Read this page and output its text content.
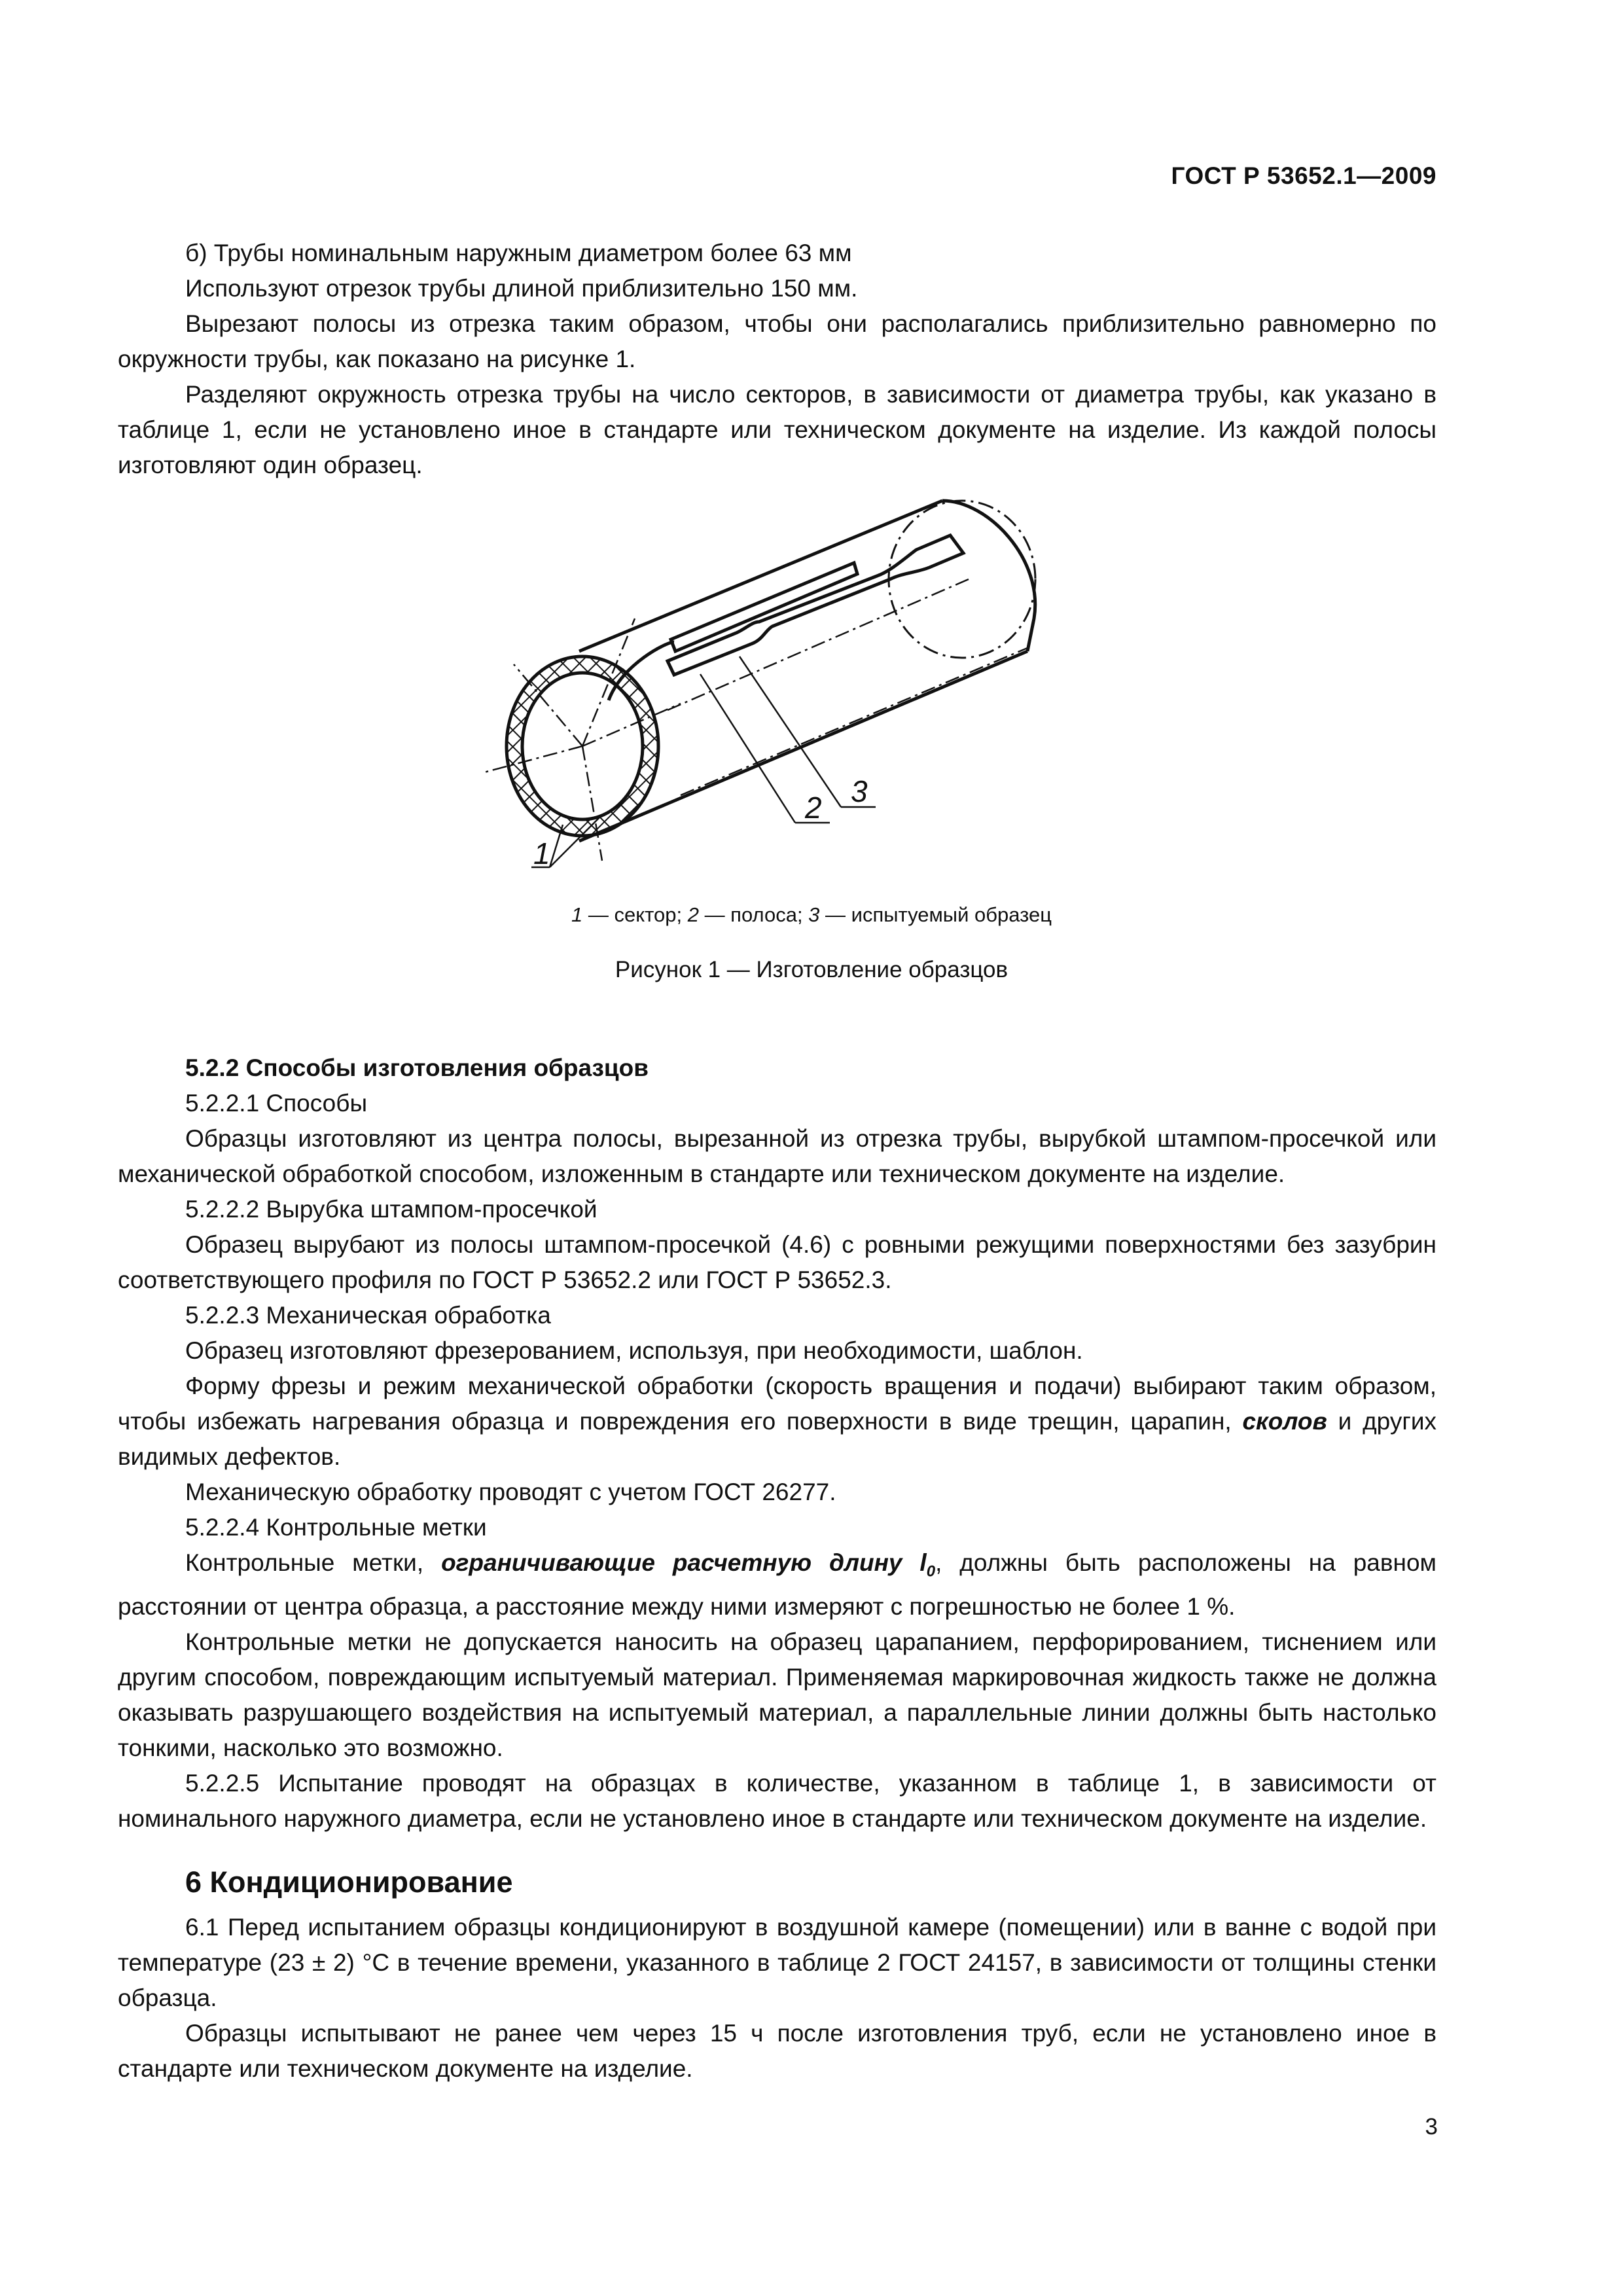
ГОСТ Р 53652.1—2009

б) Трубы номинальным наружным диаметром более 63 мм

Используют отрезок трубы длиной приблизительно 150 мм.

Вырезают полосы из отрезка таким образом, чтобы они располагались приблизительно равномерно по окружности трубы, как показано на рисунке 1.

Разделяют окружность отрезка трубы на число секторов, в зависимости от диаметра трубы, как указано в таблице 1, если не установлено иное в стандарте или техническом документе на изделие. Из каждой полосы изготовляют один образец.

1
2 3
1 — сектор; 2 — полоса; 3 — испытуемый образец
Рисунок 1 — Изготовление образцов

5.2.2 Способы изготовления образцов

5.2.2.1 Способы

Образцы изготовляют из центра полосы, вырезанной из отрезка трубы, вырубкой штампом-просечкой или механической обработкой способом, изложенным в стандарте или техническом документе на изделие.

5.2.2.2 Вырубка штампом-просечкой

Образец вырубают из полосы штампом-просечкой (4.6) с ровными режущими поверхностями без зазубрин соответствующего профиля по ГОСТ Р 53652.2 или ГОСТ Р 53652.3.

5.2.2.3 Механическая обработка

Образец изготовляют фрезерованием, используя, при необходимости, шаблон.

Форму фрезы и режим механической обработки (скорость вращения и подачи) выбирают таким образом, чтобы избежать нагревания образца и повреждения его поверхности в виде трещин, царапин, сколов и других видимых дефектов.

Механическую обработку проводят с учетом ГОСТ 26277.

5.2.2.4 Контрольные метки

Контрольные метки, ограничивающие расчетную длину $l_0$, должны быть расположены на равном расстоянии от центра образца, а расстояние между ними измеряют с погрешностью не более 1 %.

Контрольные метки не допускается наносить на образец царапанием, перфорированием, тиснением или другим способом, повреждающим испытуемый материал. Применяемая маркировочная жидкость также не должна оказывать разрушающего воздействия на испытуемый материал, а параллельные линии должны быть настолько тонкими, насколько это возможно.

5.2.2.5 Испытание проводят на образцах в количестве, указанном в таблице 1, в зависимости от номинального наружного диаметра, если не установлено иное в стандарте или техническом документе на изделие.

6 Кондиционирование

6.1 Перед испытанием образцы кондиционируют в воздушной камере (помещении) или в ванне с водой при температуре (23 ± 2) °С в течение времени, указанного в таблице 2 ГОСТ 24157, в зависимости от толщины стенки образца.

Образцы испытывают не ранее чем через 15 ч после изготовления труб, если не установлено иное в стандарте или техническом документе на изделие.

3
